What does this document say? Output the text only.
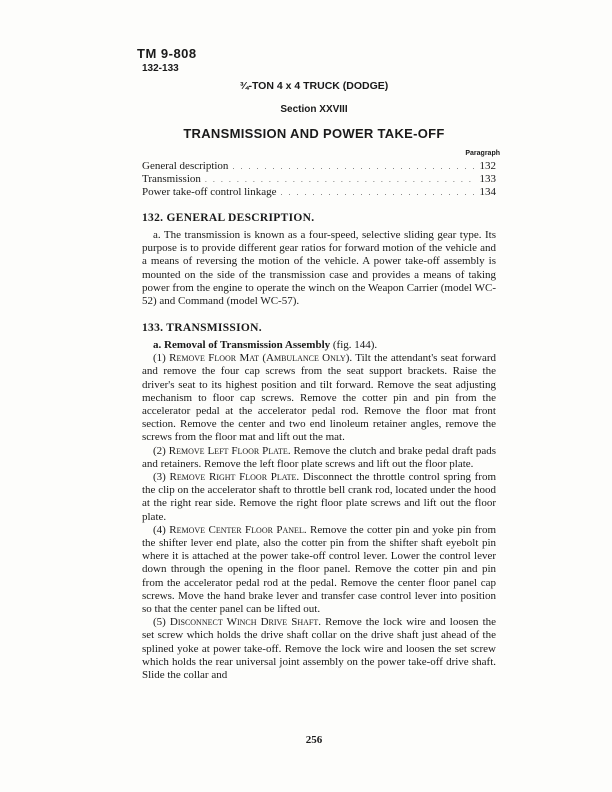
TM 9-808
132-133
¾-TON 4 x 4 TRUCK (DODGE)
Section XXVIII
TRANSMISSION AND POWER TAKE-OFF
Paragraph
General description . . .	132
Transmission . . .	133
Power take-off control linkage . . .	134
132. GENERAL DESCRIPTION.

a. The transmission is known as a four-speed, selective sliding gear type. Its purpose is to provide different gear ratios for forward motion of the vehicle and a means of reversing the motion of the vehicle. A power take-off assembly is mounted on the side of the transmission case and provides a means of taking power from the engine to operate the winch on the Weapon Carrier (model WC-52) and Command (model WC-57).

133. TRANSMISSION.

a. Removal of Transmission Assembly (fig. 144).

(1) Remove Floor Mat (Ambulance Only). Tilt the attendant's seat forward and remove the four cap screws from the seat support brackets. Raise the driver's seat to its highest position and tilt forward. Remove the seat adjusting mechanism to floor cap screws. Remove the cotter pin and pin from the accelerator pedal at the accelerator pedal rod. Remove the floor mat front section. Remove the center and two end linoleum retainer angles, remove the screws from the floor mat and lift out the mat.

(2) Remove Left Floor Plate. Remove the clutch and brake pedal draft pads and retainers. Remove the left floor plate screws and lift out the floor plate.

(3) Remove Right Floor Plate. Disconnect the throttle control spring from the clip on the accelerator shaft to throttle bell crank rod, located under the hood at the right rear side. Remove the right floor plate screws and lift out the floor plate.

(4) Remove Center Floor Panel. Remove the cotter pin and yoke pin from the shifter lever end plate, also the cotter pin from the shifter shaft eyebolt pin where it is attached at the power take-off control lever. Lower the control lever down through the opening in the floor panel. Remove the cotter pin and pin from the accelerator pedal rod at the pedal. Remove the center floor panel cap screws. Move the hand brake lever and transfer case control lever into position so that the center panel can be lifted out.

(5) Disconnect Winch Drive Shaft. Remove the lock wire and loosen the set screw which holds the drive shaft collar on the drive shaft just ahead of the splined yoke at power take-off. Remove the lock wire and loosen the set screw which holds the rear universal joint assembly on the power take-off drive shaft. Slide the collar and

256
